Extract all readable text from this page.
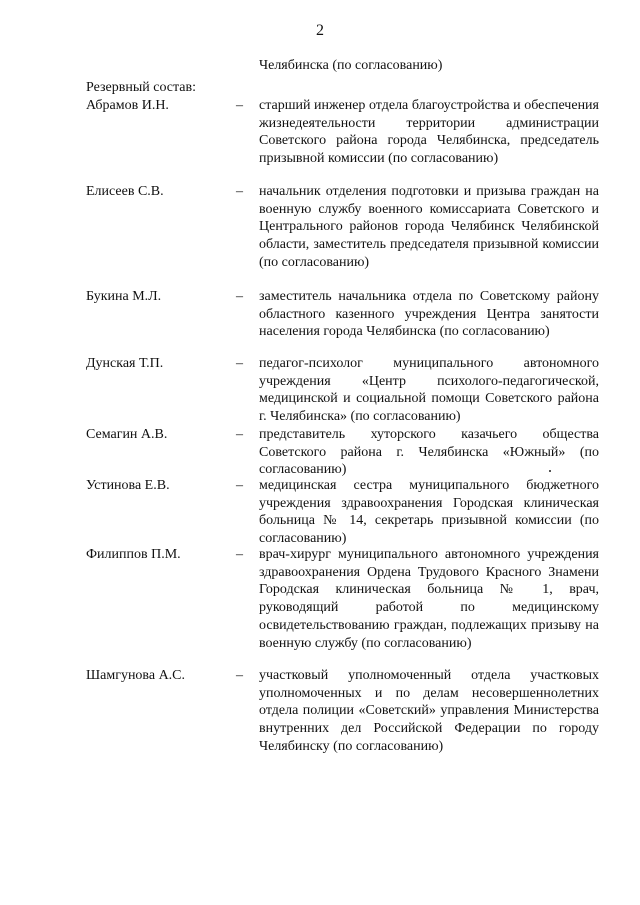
2
Челябинска (по согласованию)
Резервный состав:
Абрамов И.Н.	– старший инженер отдела благоустройства и обеспечения жизнедеятельности территории администрации Советского района города Челябинска, председатель призывной комиссии (по согласованию)
Елисеев С.В.	– начальник отделения подготовки и призыва граждан на военную службу военного комиссариата Советского и Центрального районов города Челябинск Челябинской области, заместитель председателя призывной комиссии (по согласованию)
Букина М.Л.	– заместитель начальника отдела по Советскому району областного казенного учреждения Центра занятости населения города Челябинска (по согласованию)
Дунская Т.П.	– педагог-психолог муниципального автономного учреждения «Центр психолого-педагогической, медицинской и социальной помощи Советского района г. Челябинска» (по согласованию)
Семагин А.В.	– представитель хуторского казачьего общества Советского района г. Челябинска «Южный» (по согласованию)
Устинова Е.В.	– медицинская сестра муниципального бюджетного учреждения здравоохранения Городская клиническая больница № 14, секретарь призывной комиссии (по согласованию)
Филиппов П.М.	– врач-хирург муниципального автономного учреждения здравоохранения Ордена Трудового Красного Знамени Городская клиническая больница № 1, врач, руководящий работой по медицинскому освидетельствованию граждан, подлежащих призыву на военную службу (по согласованию)
Шамгунова А.С.	– участковый уполномоченный отдела участковых уполномоченных и по делам несовершеннолетних отдела полиции «Советский» управления Министерства внутренних дел Российской Федерации по городу Челябинску (по согласованию)
